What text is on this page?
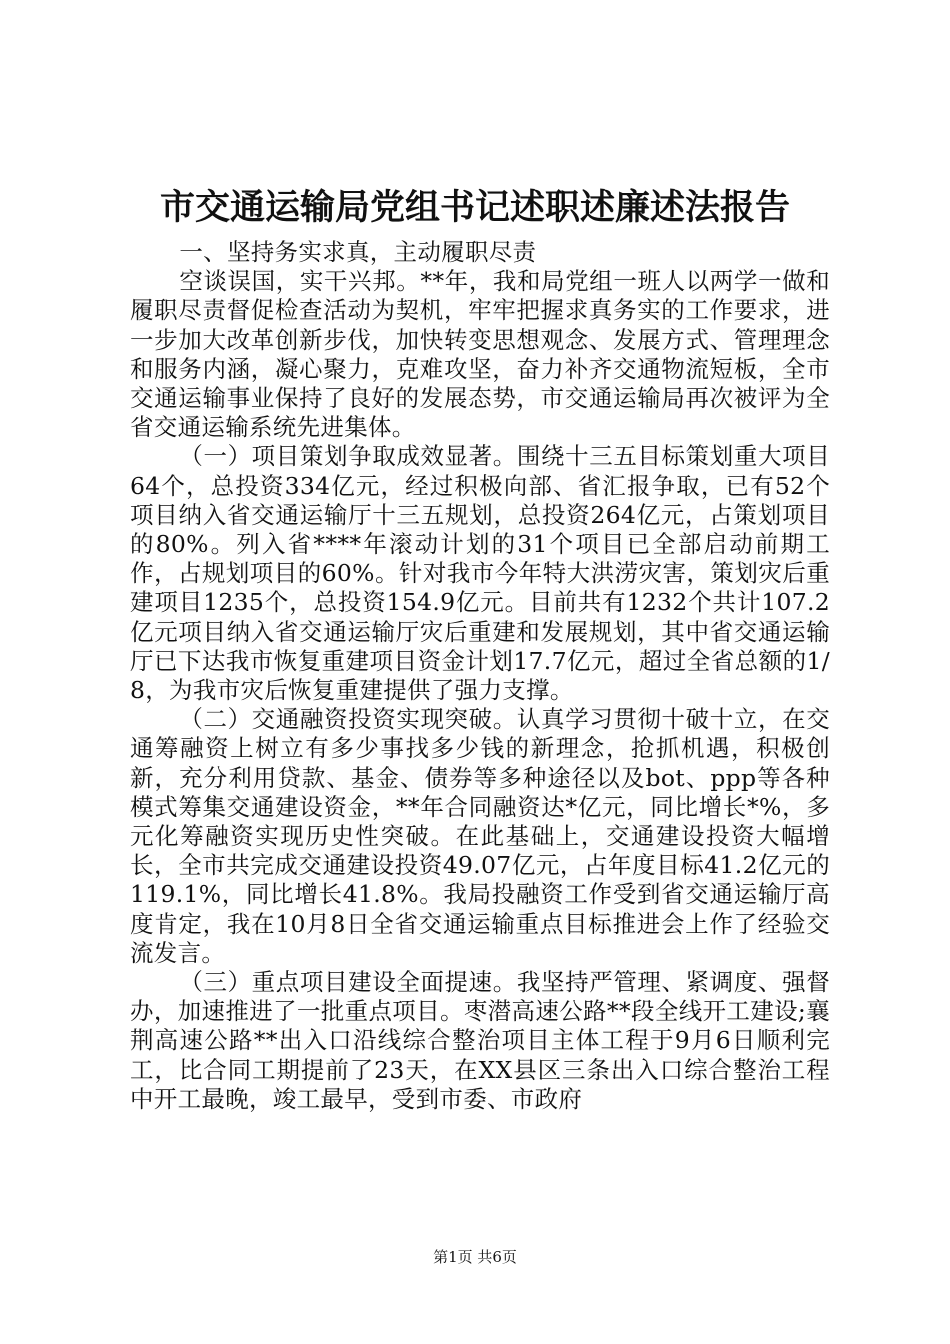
市交通运输局党组书记述职述廉述法报告

一、坚持务实求真，主动履职尽责

空谈误国，实干兴邦。**年，我和局党组一班人以两学一做和履职尽责督促检查活动为契机，牢牢把握求真务实的工作要求，进一步加大改革创新步伐，加快转变思想观念、发展方式、管理理念和服务内涵，凝心聚力，克难攻坚，奋力补齐交通物流短板，全市交通运输事业保持了良好的发展态势，市交通运输局再次被评为全省交通运输系统先进集体。

（一）项目策划争取成效显著。围绕十三五目标策划重大项目64个，总投资334亿元，经过积极向部、省汇报争取，已有52个项目纳入省交通运输厅十三五规划，总投资264亿元，占策划项目的80%。列入省****年滚动计划的31个项目已全部启动前期工作，占规划项目的60%。针对我市今年特大洪涝灾害，策划灾后重建项目1235个，总投资154.9亿元。目前共有1232个共计107.2亿元项目纳入省交通运输厅灾后重建和发展规划，其中省交通运输厅已下达我市恢复重建项目资金计划17.7亿元，超过全省总额的1/8，为我市灾后恢复重建提供了强力支撑。

（二）交通融资投资实现突破。认真学习贯彻十破十立，在交通筹融资上树立有多少事找多少钱的新理念，抢抓机遇，积极创新，充分利用贷款、基金、债券等多种途径以及bot、ppp等各种模式筹集交通建设资金，**年合同融资达*亿元，同比增长*%，多元化筹融资实现历史性突破。在此基础上，交通建设投资大幅增长，全市共完成交通建设投资49.07亿元，占年度目标41.2亿元的119.1%，同比增长41.8%。我局投融资工作受到省交通运输厅高度肯定，我在10月8日全省交通运输重点目标推进会上作了经验交流发言。

（三）重点项目建设全面提速。我坚持严管理、紧调度、强督办，加速推进了一批重点项目。枣潜高速公路**段全线开工建设;襄荆高速公路**出入口沿线综合整治项目主体工程于9月6日顺利完工，比合同工期提前了23天，在XX县区三条出入口综合整治工程中开工最晚，竣工最早，受到市委、市政府

第1页 共6页
